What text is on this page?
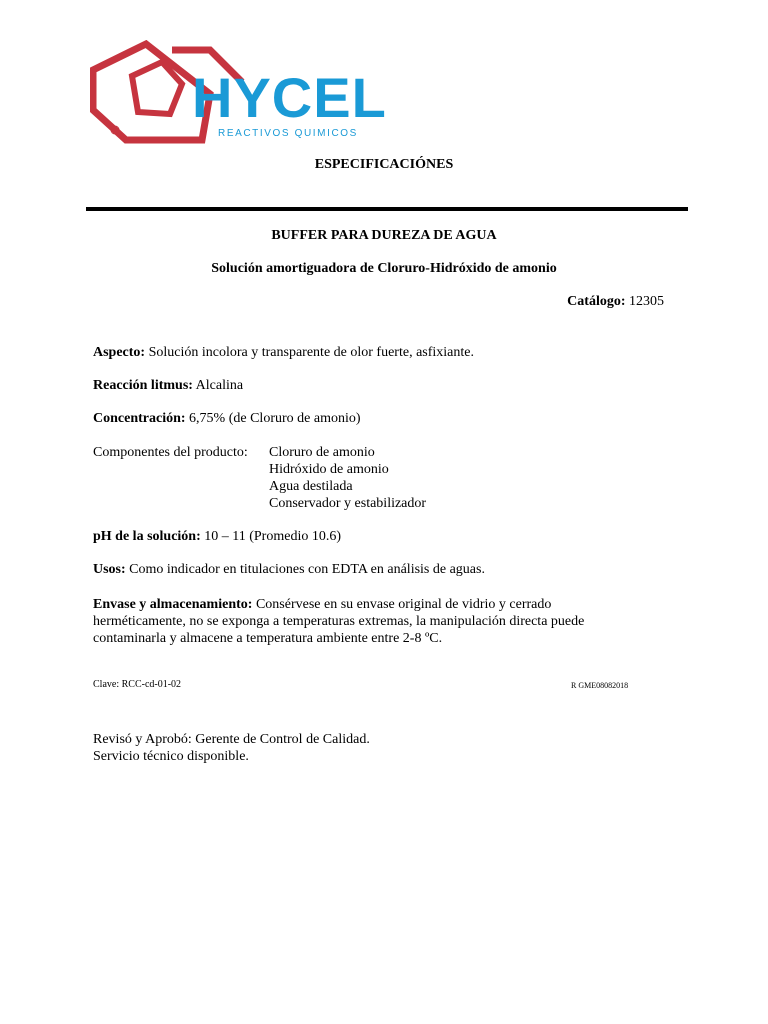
MR HYCEL
REACTIVOS QUIMICOS
ESPECIFICACIÓNES
BUFFER PARA DUREZA DE AGUA
Solución amortiguadora de Cloruro-Hidróxido de amonio
Catálogo: 12305
Aspecto: Solución incolora y transparente de olor fuerte, asfixiante.
Reacción litmus: Alcalina
Concentración: 6,75% (de Cloruro de amonio)
Componentes del producto: Cloruro de amonio
Hidróxido de amonio
Agua destilada
Conservador y estabilizador
pH de la solución: 10 – 11 (Promedio 10.6)
Usos: Como indicador en titulaciones con EDTA en análisis de aguas.
Envase y almacenamiento: Consérvese en su envase original de vidrio y cerrado
herméticamente, no se exponga a temperaturas extremas, la manipulación directa puede
contaminarla y almacene a temperatura ambiente entre 2-8 ºC.
Clave: RCC-cd-01-02	R GME08082018
Revisó y Aprobó: Gerente de Control de Calidad.
Servicio técnico disponible.
